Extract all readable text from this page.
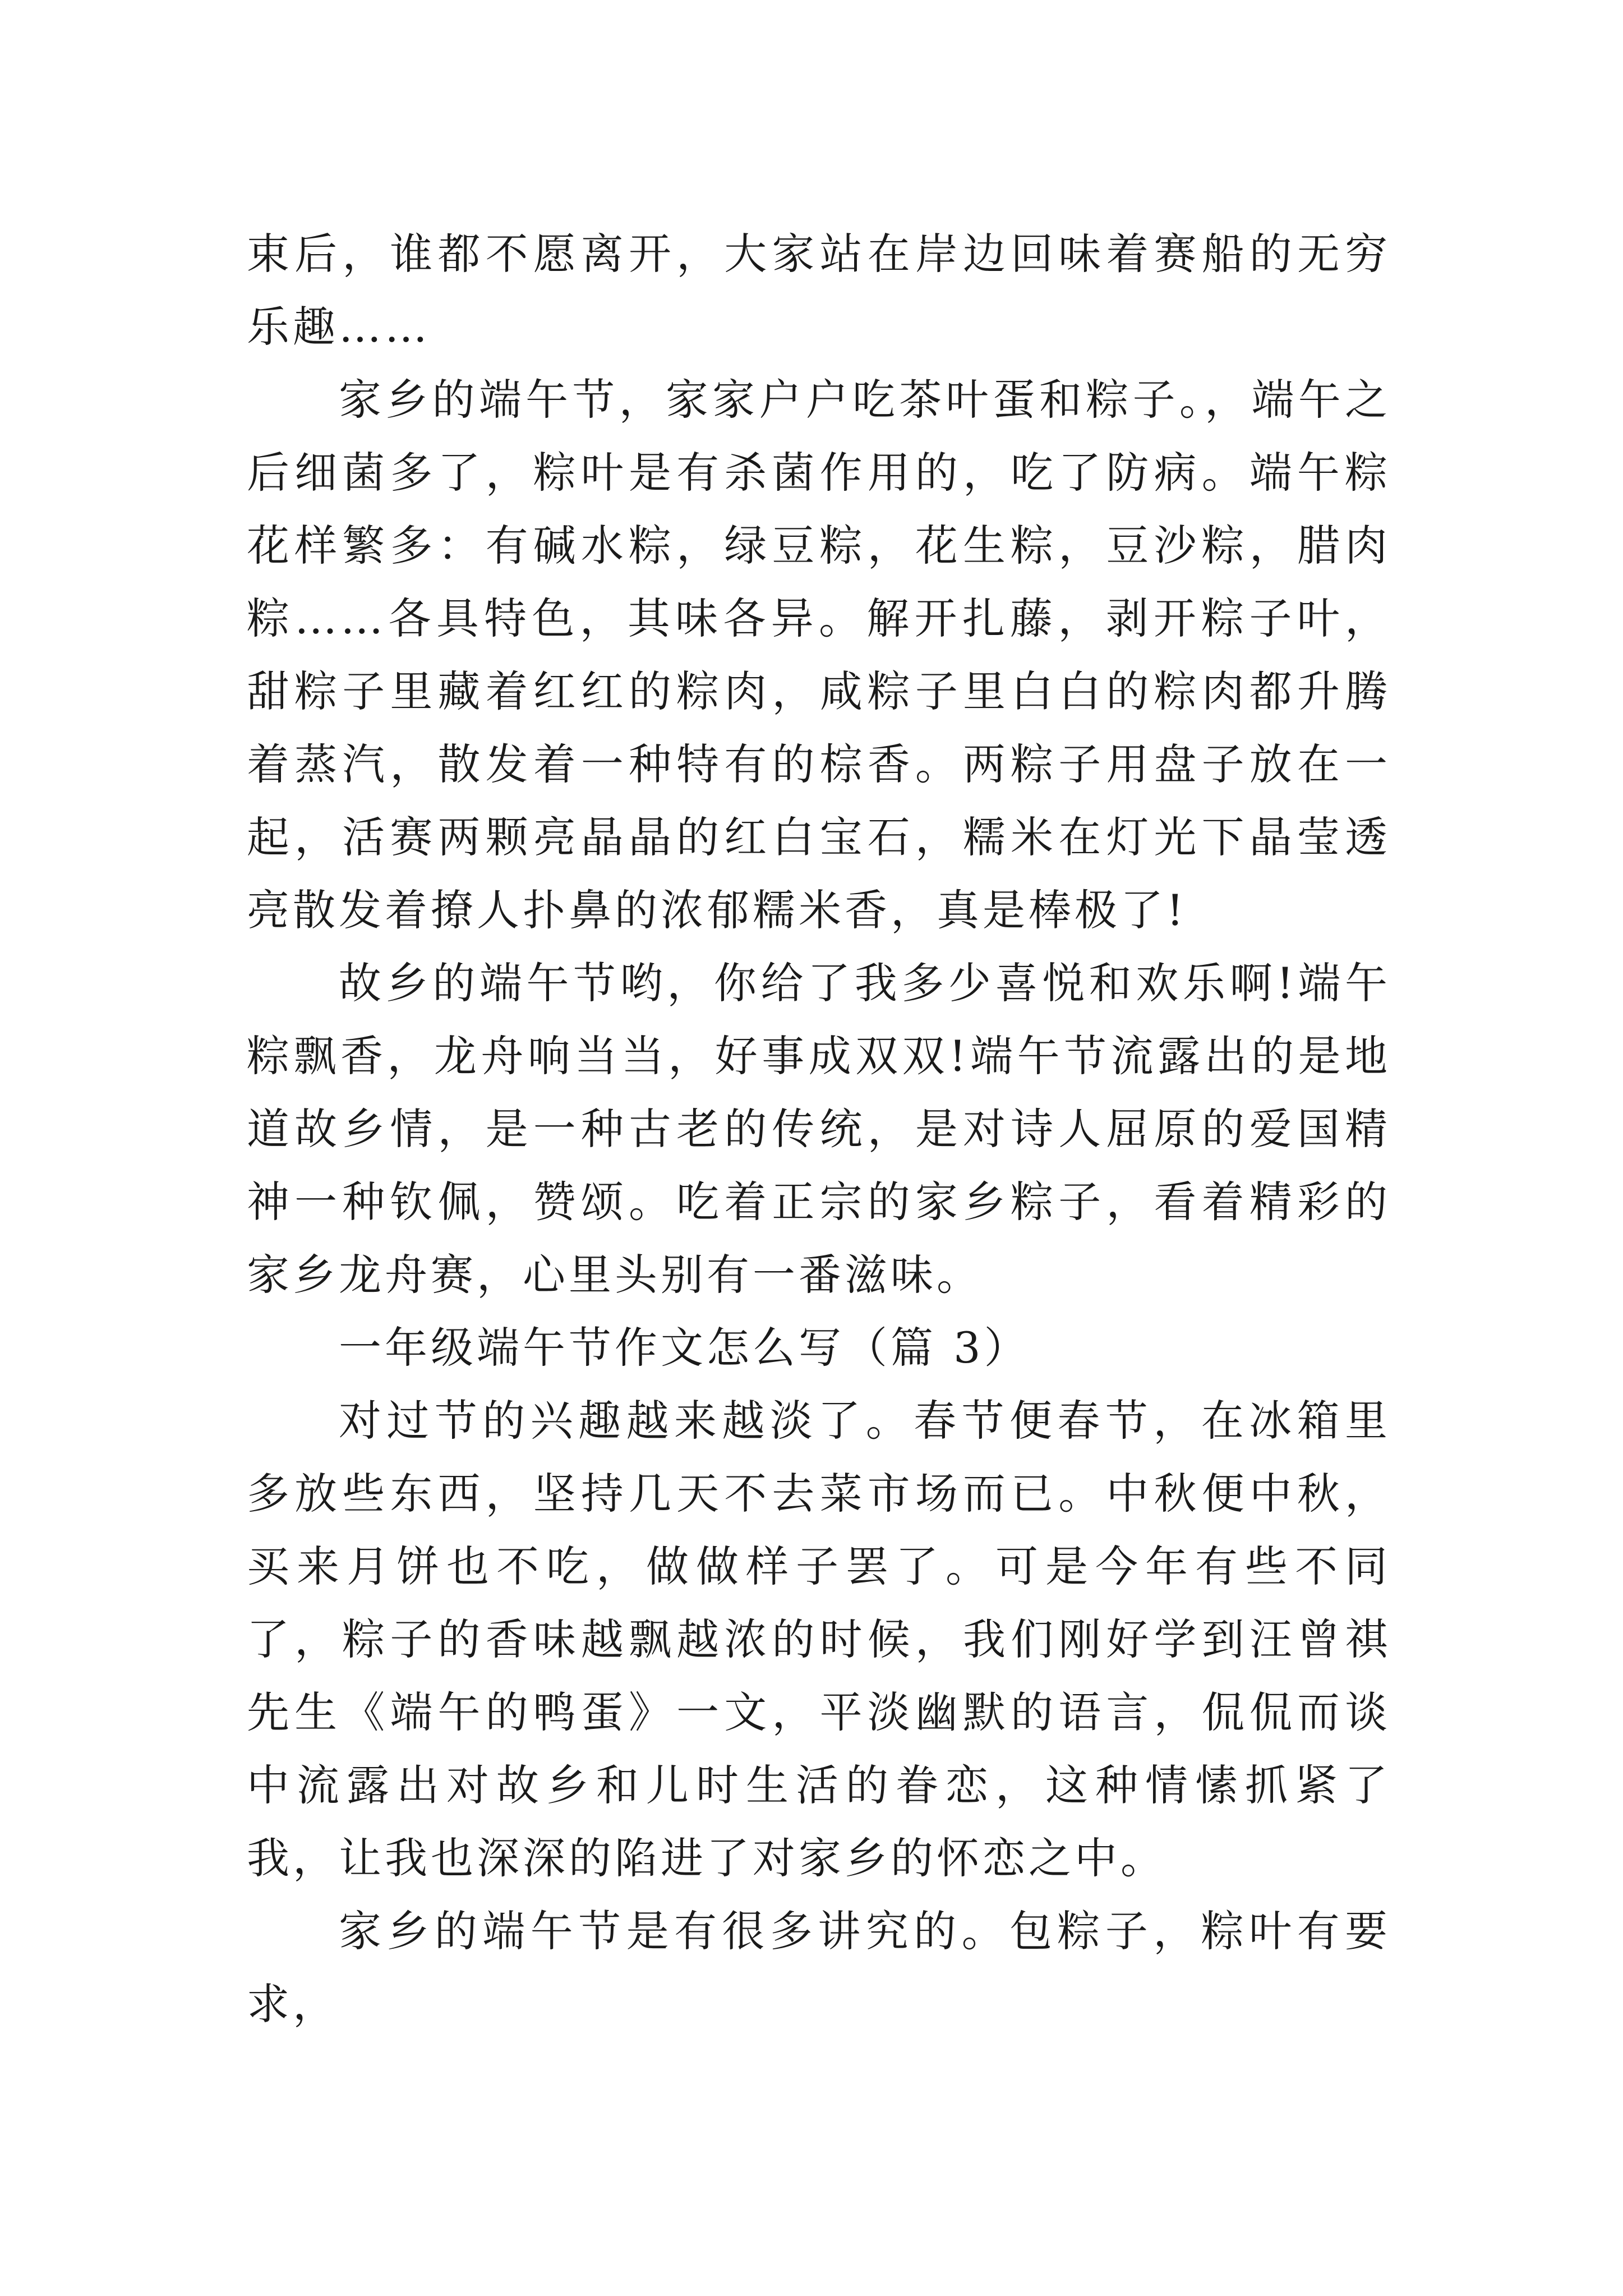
束后，谁都不愿离开，大家站在岸边回味着赛船的无穷乐趣……

家乡的端午节，家家户户吃茶叶蛋和粽子。，端午之后细菌多了，粽叶是有杀菌作用的，吃了防病。端午粽花样繁多：有碱水粽，绿豆粽，花生粽，豆沙粽，腊肉粽……各具特色，其味各异。解开扎藤，剥开粽子叶，甜粽子里藏着红红的粽肉，咸粽子里白白的粽肉都升腾着蒸汽，散发着一种特有的棕香。两粽子用盘子放在一起，活赛两颗亮晶晶的红白宝石，糯米在灯光下晶莹透亮散发着撩人扑鼻的浓郁糯米香，真是棒极了!

故乡的端午节哟，你给了我多少喜悦和欢乐啊!端午粽飘香，龙舟响当当，好事成双双!端午节流露出的是地道故乡情，是一种古老的传统，是对诗人屈原的爱国精神一种钦佩，赞颂。吃着正宗的家乡粽子，看着精彩的家乡龙舟赛，心里头别有一番滋味。

一年级端午节作文怎么写（篇 3）

对过节的兴趣越来越淡了。春节便春节，在冰箱里多放些东西，坚持几天不去菜市场而已。中秋便中秋，买来月饼也不吃，做做样子罢了。可是今年有些不同了，粽子的香味越飘越浓的时候，我们刚好学到汪曾祺先生《端午的鸭蛋》一文，平淡幽默的语言，侃侃而谈中流露出对故乡和儿时生活的眷恋，这种情愫抓紧了我，让我也深深的陷进了对家乡的怀恋之中。

家乡的端午节是有很多讲究的。包粽子，粽叶有要求，
